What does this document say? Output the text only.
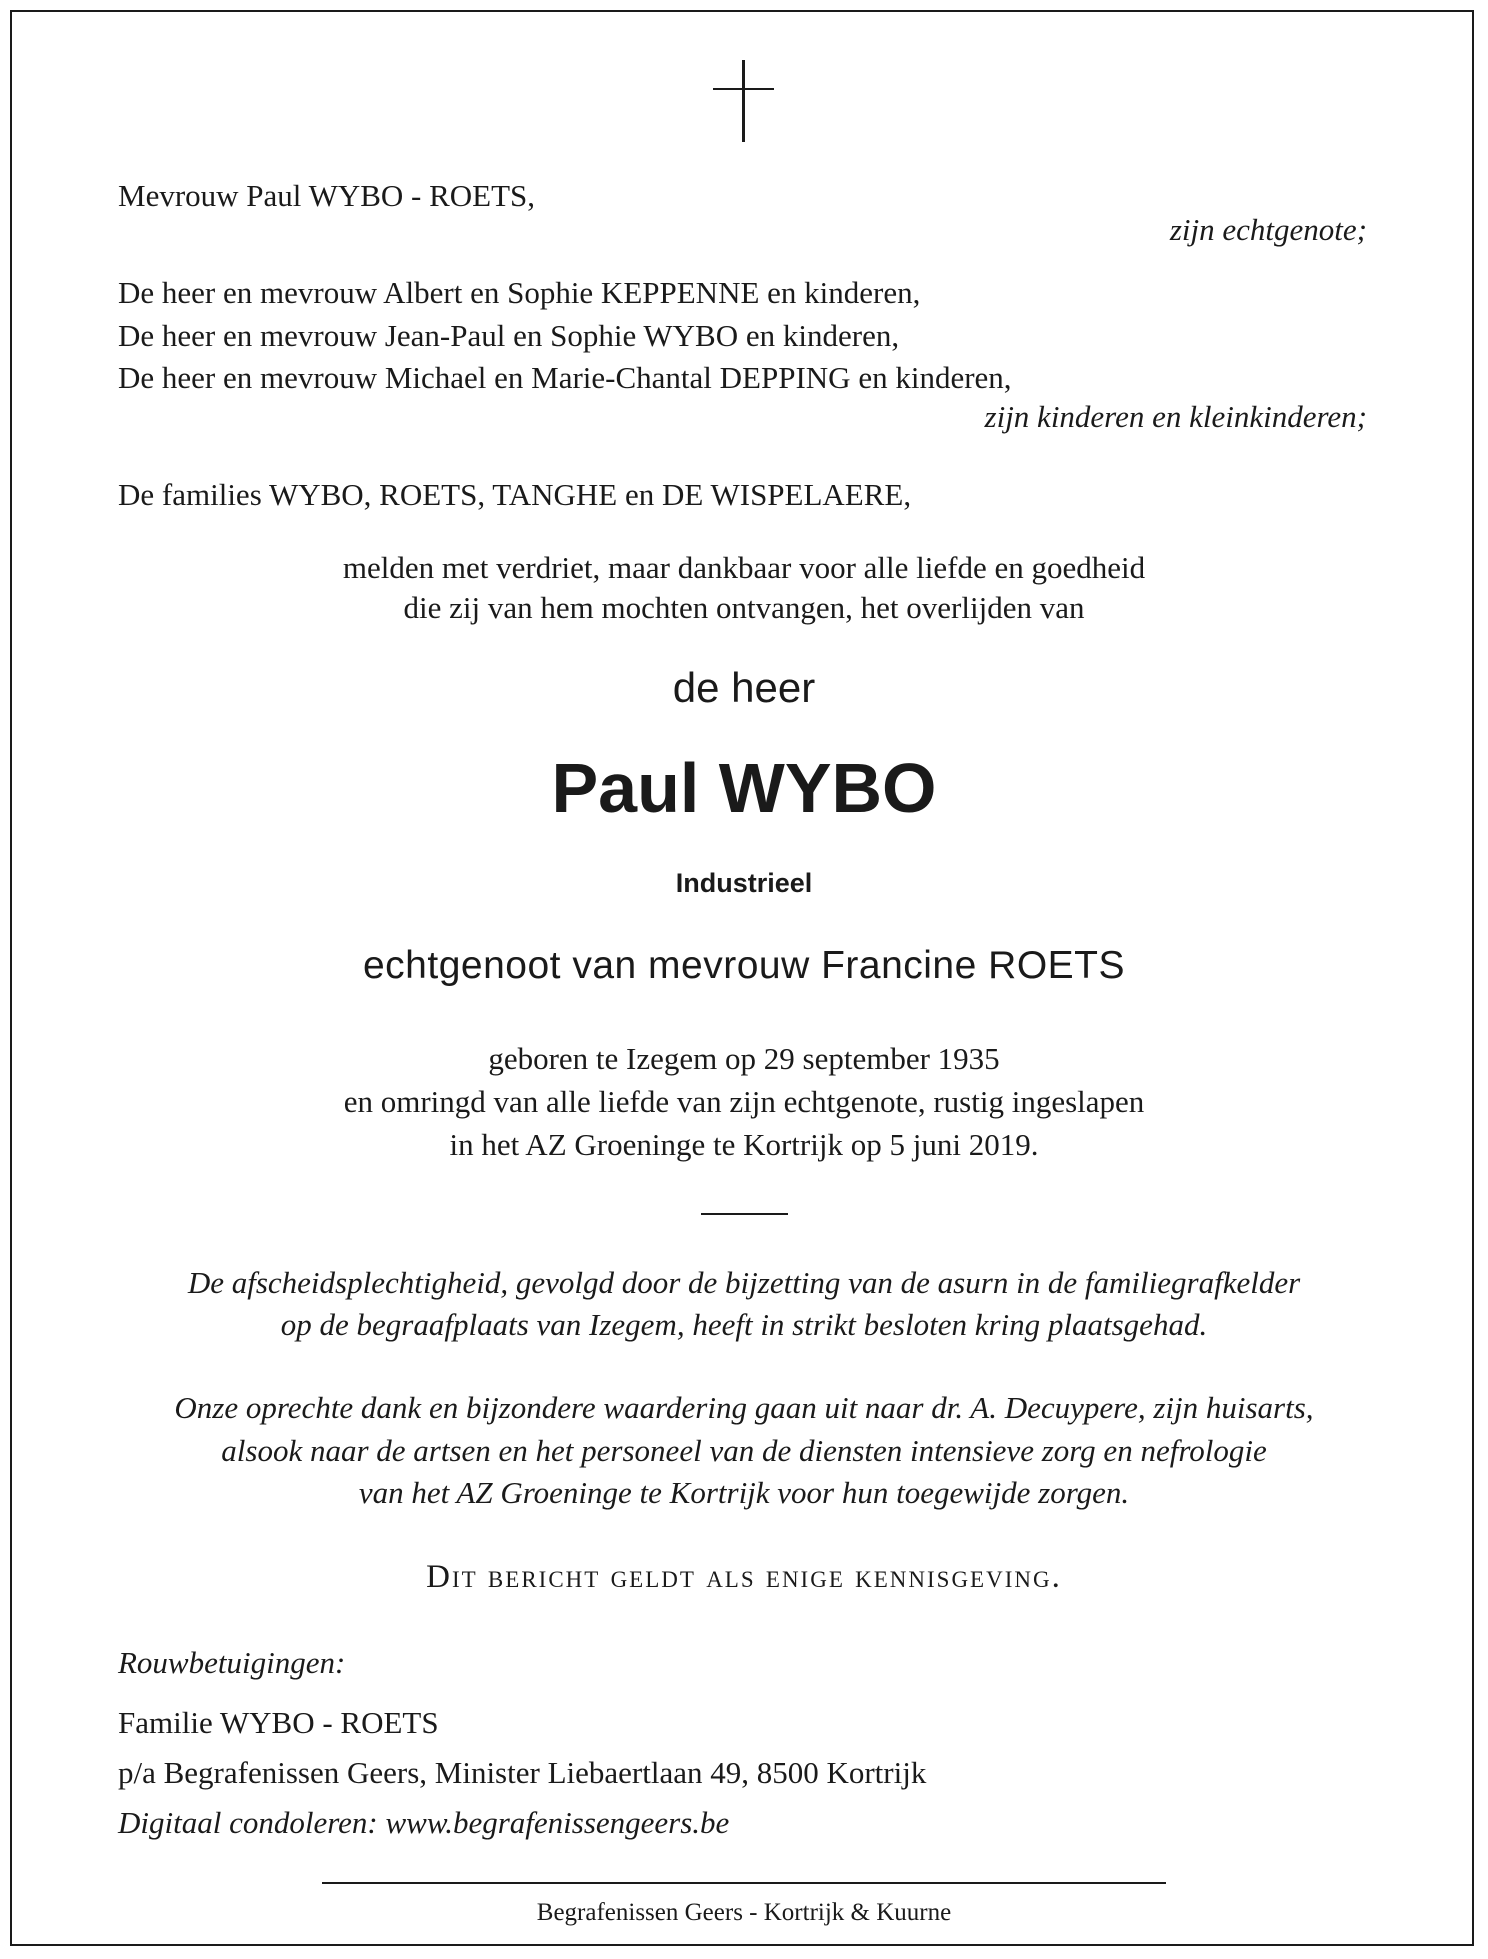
Mevrouw Paul WYBO - ROETS,
zijn echtgenote;
De heer en mevrouw Albert en Sophie KEPPENNE en kinderen,
De heer en mevrouw Jean-Paul en Sophie WYBO en kinderen,
De heer en mevrouw Michael en Marie-Chantal DEPPING en kinderen,
zijn kinderen en kleinkinderen;
De families WYBO, ROETS, TANGHE en DE WISPELAERE,
melden met verdriet, maar dankbaar voor alle liefde en goedheid
die zij van hem mochten ontvangen, het overlijden van
de heer
Paul WYBO
Industrieel
echtgenoot van mevrouw Francine ROETS
geboren te Izegem op 29 september 1935
en omringd van alle liefde van zijn echtgenote, rustig ingeslapen
in het AZ Groeninge te Kortrijk op 5 juni 2019.
De afscheidsplechtigheid, gevolgd door de bijzetting van de asurn in de familiegrafkelder
op de begraafplaats van Izegem, heeft in strikt besloten kring plaatsgehad.
Onze oprechte dank en bijzondere waardering gaan uit naar dr. A. Decuypere, zijn huisarts,
alsook naar de artsen en het personeel van de diensten intensieve zorg en nefrologie
van het AZ Groeninge te Kortrijk voor hun toegewijde zorgen.
Dit bericht geldt als enige kennisgeving.
Rouwbetuigingen:
Familie WYBO - ROETS
p/a Begrafenissen Geers, Minister Liebaertlaan 49, 8500 Kortrijk
Digitaal condoleren: www.begrafenissengeers.be
Begrafenissen Geers - Kortrijk & Kuurne
